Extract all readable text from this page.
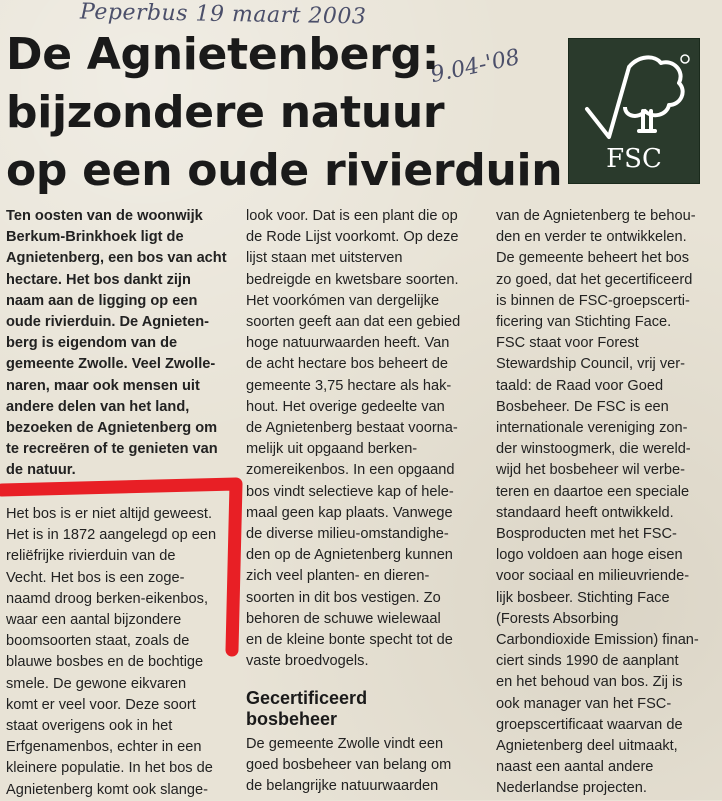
Peperbus 19 maart 2003
9.04-'08
De Agnietenberg:
bijzondere natuur
op een oude rivierduin FSC
Ten oosten van de woonwijk
Berkum-Brinkhoek ligt de
Agnietenberg, een bos van acht
hectare. Het bos dankt zijn
naam aan de ligging op een
oude rivierduin. De Agnieten-
berg is eigendom van de
gemeente Zwolle. Veel Zwolle-
naren, maar ook mensen uit
andere delen van het land,
bezoeken de Agnietenberg om
te recreëren of te genieten van
de natuur.
Het bos is er niet altijd geweest.
Het is in 1872 aangelegd op een
reliëfrijke rivierduin van de
Vecht. Het bos is een zoge-
naamd droog berken-eikenbos,
waar een aantal bijzondere
boomsoorten staat, zoals de
blauwe bosbes en de bochtige
smele. De gewone eikvaren
komt er veel voor. Deze soort
staat overigens ook in het
Erfgenamenbos, echter in een
kleinere populatie. In het bos de
Agnietenberg komt ook slange-
look voor. Dat is een plant die op
de Rode Lijst voorkomt. Op deze
lijst staan met uitsterven
bedreigde en kwetsbare soorten.
Het voorkómen van dergelijke
soorten geeft aan dat een gebied
hoge natuurwaarden heeft. Van
de acht hectare bos beheert de
gemeente 3,75 hectare als hak-
hout. Het overige gedeelte van
de Agnietenberg bestaat voorna-
melijk uit opgaand berken-
zomereikenbos. In een opgaand
bos vindt selectieve kap of hele-
maal geen kap plaats. Vanwege
de diverse milieu-omstandighe-
den op de Agnietenberg kunnen
zich veel planten- en dieren-
soorten in dit bos vestigen. Zo
behoren de schuwe wielewaal
en de kleine bonte specht tot de
vaste broedvogels.
Gecertificeerd
bosbeheer
De gemeente Zwolle vindt een
goed bosbeheer van belang om
de belangrijke natuurwaarden
van de Agnietenberg te behou-
den en verder te ontwikkelen.
De gemeente beheert het bos
zo goed, dat het gecertificeerd
is binnen de FSC-groepscerti-
ficering van Stichting Face.
FSC staat voor Forest
Stewardship Council, vrij ver-
taald: de Raad voor Goed
Bosbeheer. De FSC is een
internationale vereniging zon-
der winstoogmerk, die wereld-
wijd het bosbeheer wil verbe-
teren en daartoe een speciale
standaard heeft ontwikkeld.
Bosproducten met het FSC-
logo voldoen aan hoge eisen
voor sociaal en milieuvriende-
lijk bosbeer. Stichting Face
(Forests Absorbing
Carbondioxide Emission) finan-
ciert sinds 1990 de aanplant
en het behoud van bos. Zij is
ook manager van het FSC-
groepscertificaat waarvan de
Agnietenberg deel uitmaakt,
naast een aantal andere
Nederlandse projecten.
